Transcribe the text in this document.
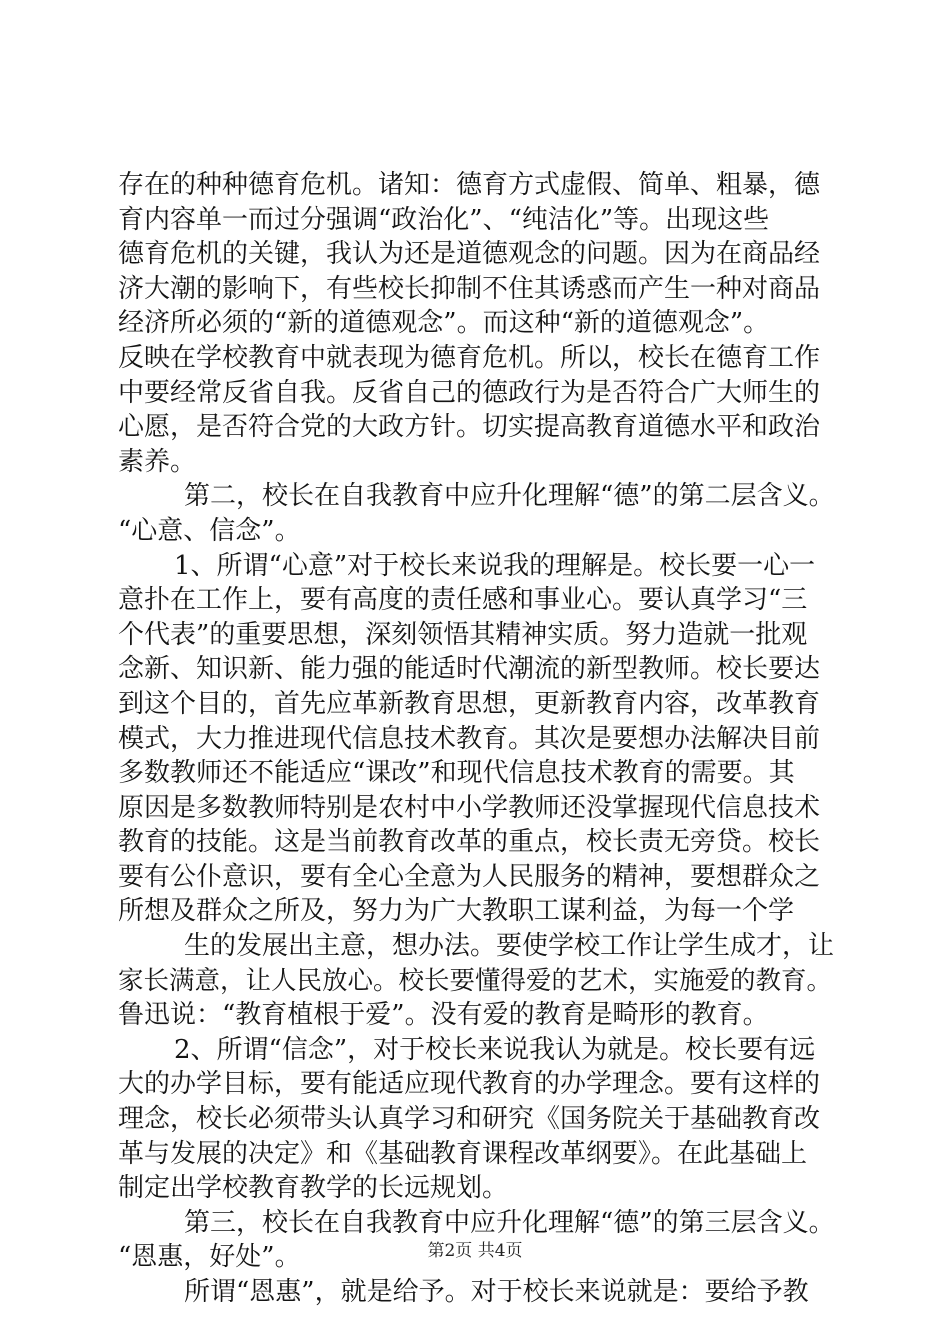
存在的种种德育危机。诸知：德育方式虚假、简单、粗暴，德
育内容单一而过分强调“政治化”、“纯洁化”等。出现这些
德育危机的关键，我认为还是道德观念的问题。因为在商品经
济大潮的影响下，有些校长抑制不住其诱惑而产生一种对商品
经济所必须的“新的道德观念”。而这种“新的道德观念”。
反映在学校教育中就表现为德育危机。所以，校长在德育工作
中要经常反省自我。反省自己的德政行为是否符合广大师生的
心愿，是否符合党的大政方针。切实提高教育道德水平和政治
素养。
第二，校长在自我教育中应升化理解“德”的第二层含义。
“心意、信念”。
1、所谓“心意”对于校长来说我的理解是。校长要一心一
意扑在工作上，要有高度的责任感和事业心。要认真学习“三
个代表”的重要思想，深刻领悟其精神实质。努力造就一批观
念新、知识新、能力强的能适时代潮流的新型教师。校长要达
到这个目的，首先应革新教育思想，更新教育内容，改革教育
模式，大力推进现代信息技术教育。其次是要想办法解决目前
多数教师还不能适应“课改”和现代信息技术教育的需要。其
原因是多数教师特别是农村中小学教师还没掌握现代信息技术
教育的技能。这是当前教育改革的重点，校长责无旁贷。校长
要有公仆意识，要有全心全意为人民服务的精神，要想群众之
所想及群众之所及，努力为广大教职工谋利益，为每一个学
生的发展出主意，想办法。要使学校工作让学生成才，让
家长满意，让人民放心。校长要懂得爱的艺术，实施爱的教育。
鲁迅说：“教育植根于爱”。没有爱的教育是畸形的教育。
2、所谓“信念”，对于校长来说我认为就是。校长要有远
大的办学目标，要有能适应现代教育的办学理念。要有这样的
理念，校长必须带头认真学习和研究《国务院关于基础教育改
革与发展的决定》和《基础教育课程改革纲要》。在此基础上
制定出学校教育教学的长远规划。
第三，校长在自我教育中应升化理解“德”的第三层含义。
“恩惠，好处”。
所谓“恩惠”，就是给予。对于校长来说就是：要给予教
第2页 共4页
